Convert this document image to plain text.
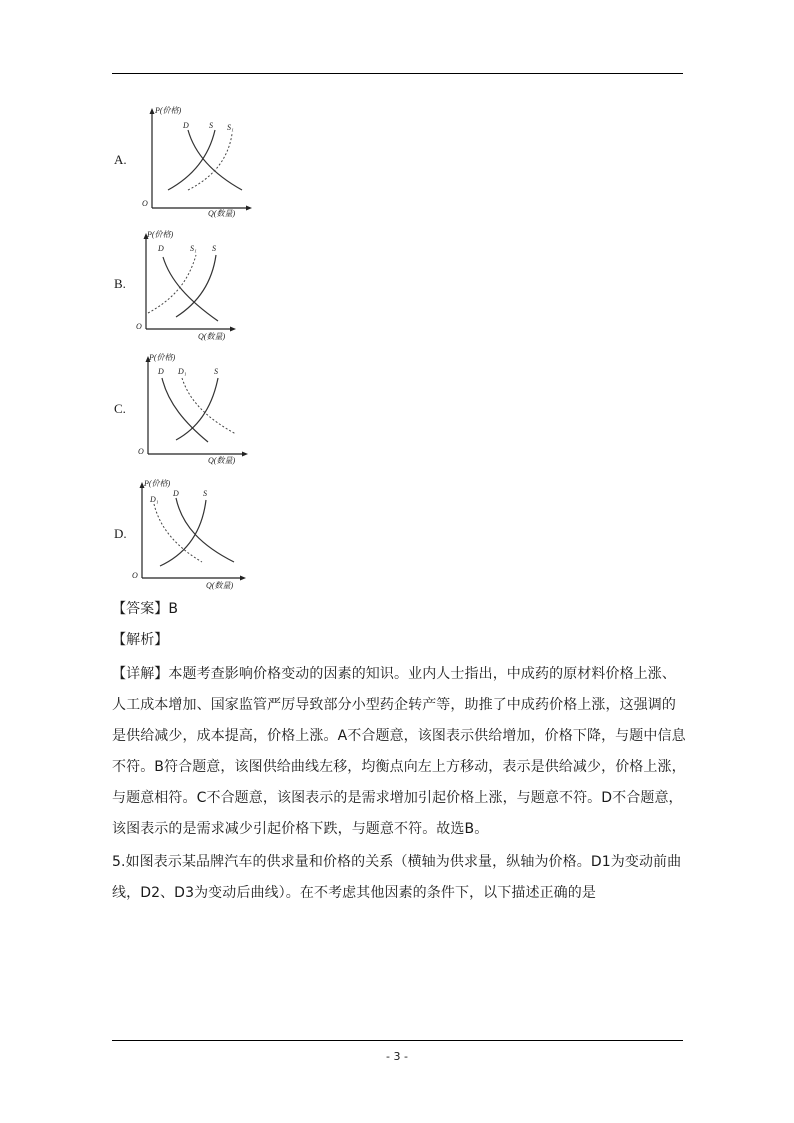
A.
P(价格)
O
Q(数量)
D	S S₁
B.
P(价格)
O
Q(数量)
D	S₁ S
C.
P(价格)
O
Q(数量)
D D₁	S
D.
P(价格)
O
Q(数量)
D₁
D	S
【答案】B
【解析】
【详解】本题考查影响价格变动的因素的知识。业内人士指出，中成药的原材料价格上涨、
人工成本增加、国家监管严厉导致部分小型药企转产等，助推了中成药价格上涨，这强调的
是供给减少，成本提高，价格上涨。A不合题意，该图表示供给增加，价格下降，与题中信息
不符。B符合题意，该图供给曲线左移，均衡点向左上方移动，表示是供给减少，价格上涨，
与题意相符。C不合题意，该图表示的是需求增加引起价格上涨，与题意不符。D不合题意，
该图表示的是需求减少引起价格下跌，与题意不符。故选B。
5.如图表示某品牌汽车的供求量和价格的关系（横轴为供求量，纵轴为价格。D1为变动前曲
线，D2、D3为变动后曲线）。在不考虑其他因素的条件下，以下描述正确的是
- 3 -
